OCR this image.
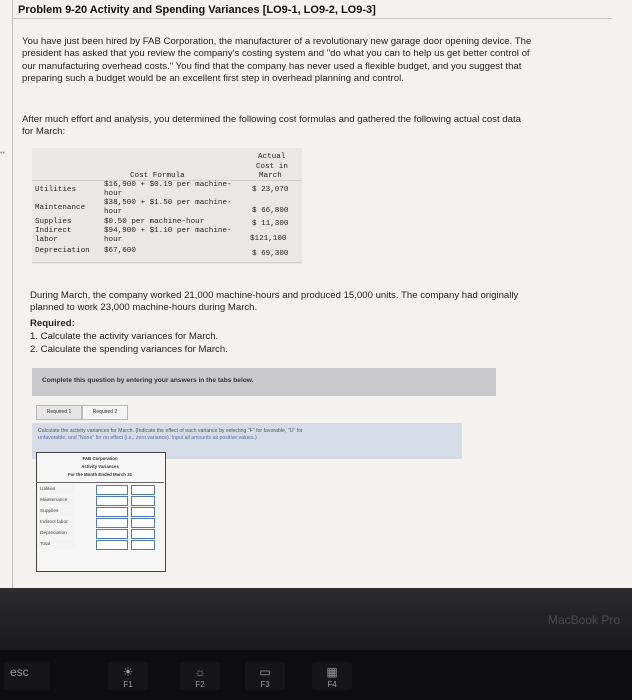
Problem 9-20 Activity and Spending Variances [LO9-1, LO9-2, LO9-3]
You have just been hired by FAB Corporation, the manufacturer of a revolutionary new garage door opening device. The president has asked that you review the company's costing system and "do what you can to help us get better control of our manufacturing overhead costs." You find that the company has never used a flexible budget, and you suggest that preparing such a budget would be an excellent first step in overhead planning and control.
After much effort and analysis, you determined the following cost formulas and gathered the following actual cost data for March:
••	Actual
Cost in
March
Cost Formula
Utilities
$16,900 + $0.19 per machine-
hour	$ 23,070
Maintenance
$38,500 + $1.50 per machine-
hour	$ 66,800
Supplies	$0.50 per machine-hour	$ 11,300
Indirect
labor
$94,900 + $1.10 per machine-
hour	$121,100
Depreciation $67,600	$ 69,300
During March, the company worked 21,000 machine-hours and produced 15,000 units. The company had originally planned to work 23,000 machine-hours during March.
Required:
1. Calculate the activity variances for March.
2. Calculate the spending variances for March.
Complete this question by entering your answers in the tabs below.
Required 1	Required 2
Calculate the activity variances for March. (Indicate the effect of each variance by selecting "F" for favorable, "U" for
unfavorable, and "None" for no effect (i.e., zero variance). Input all amounts as positive values.)
FAB Corporation
Activity Variances
For the Month Ended March 31
Utilities
Maintenance
Supplies
Indirect labor
Depreciation
Total
MacBook Pro
esc	☀
F1
☼
F2
▭
F3
▦
F4
